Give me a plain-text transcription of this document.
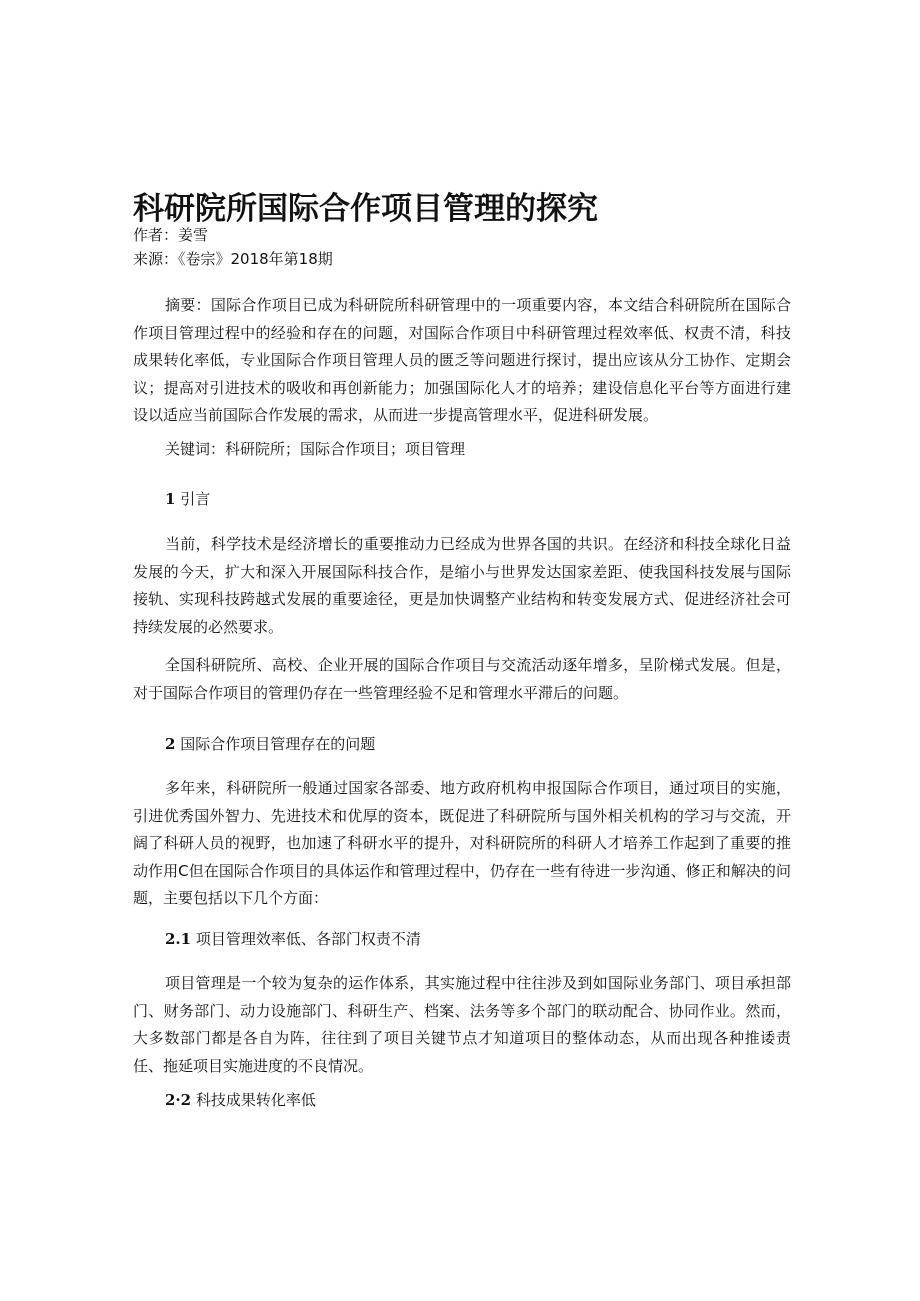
科研院所国际合作项目管理的探究
作者：姜雪
来源：《卷宗》2018年第18期

摘要：国际合作项目已成为科研院所科研管理中的一项重要内容，本文结合科研院所在国际合作项目管理过程中的经验和存在的问题，对国际合作项目中科研管理过程效率低、权责不清，科技成果转化率低，专业国际合作项目管理人员的匮乏等问题进行探讨，提出应该从分工协作、定期会议；提高对引进技术的吸收和再创新能力；加强国际化人才的培养；建设信息化平台等方面进行建设以适应当前国际合作发展的需求，从而进一步提高管理水平，促进科研发展。

关键词：科研院所；国际合作项目；项目管理

1 引言

当前，科学技术是经济增长的重要推动力已经成为世界各国的共识。在经济和科技全球化日益发展的今天，扩大和深入开展国际科技合作，是缩小与世界发达国家差距、使我国科技发展与国际接轨、实现科技跨越式发展的重要途径，更是加快调整产业结构和转变发展方式、促进经济社会可持续发展的必然要求。

全国科研院所、高校、企业开展的国际合作项目与交流活动逐年增多，呈阶梯式发展。但是，对于国际合作项目的管理仍存在一些管理经验不足和管理水平滞后的问题。

2 国际合作项目管理存在的问题

多年来，科研院所一般通过国家各部委、地方政府机构申报国际合作项目，通过项目的实施，引进优秀国外智力、先进技术和优厚的资本，既促进了科研院所与国外相关机构的学习与交流，开阔了科研人员的视野，也加速了科研水平的提升，对科研院所的科研人才培养工作起到了重要的推动作用C但在国际合作项目的具体运作和管理过程中，仍存在一些有待进一步沟通、修正和解决的问题，主要包括以下几个方面：

2.1 项目管理效率低、各部门权责不清

项目管理是一个较为复杂的运作体系，其实施过程中往往涉及到如国际业务部门、项目承担部门、财务部门、动力设施部门、科研生产、档案、法务等多个部门的联动配合、协同作业。然而，大多数部门都是各自为阵，往往到了项目关键节点才知道项目的整体动态，从而出现各种推诿责任、拖延项目实施进度的不良情况。

2·2 科技成果转化率低
